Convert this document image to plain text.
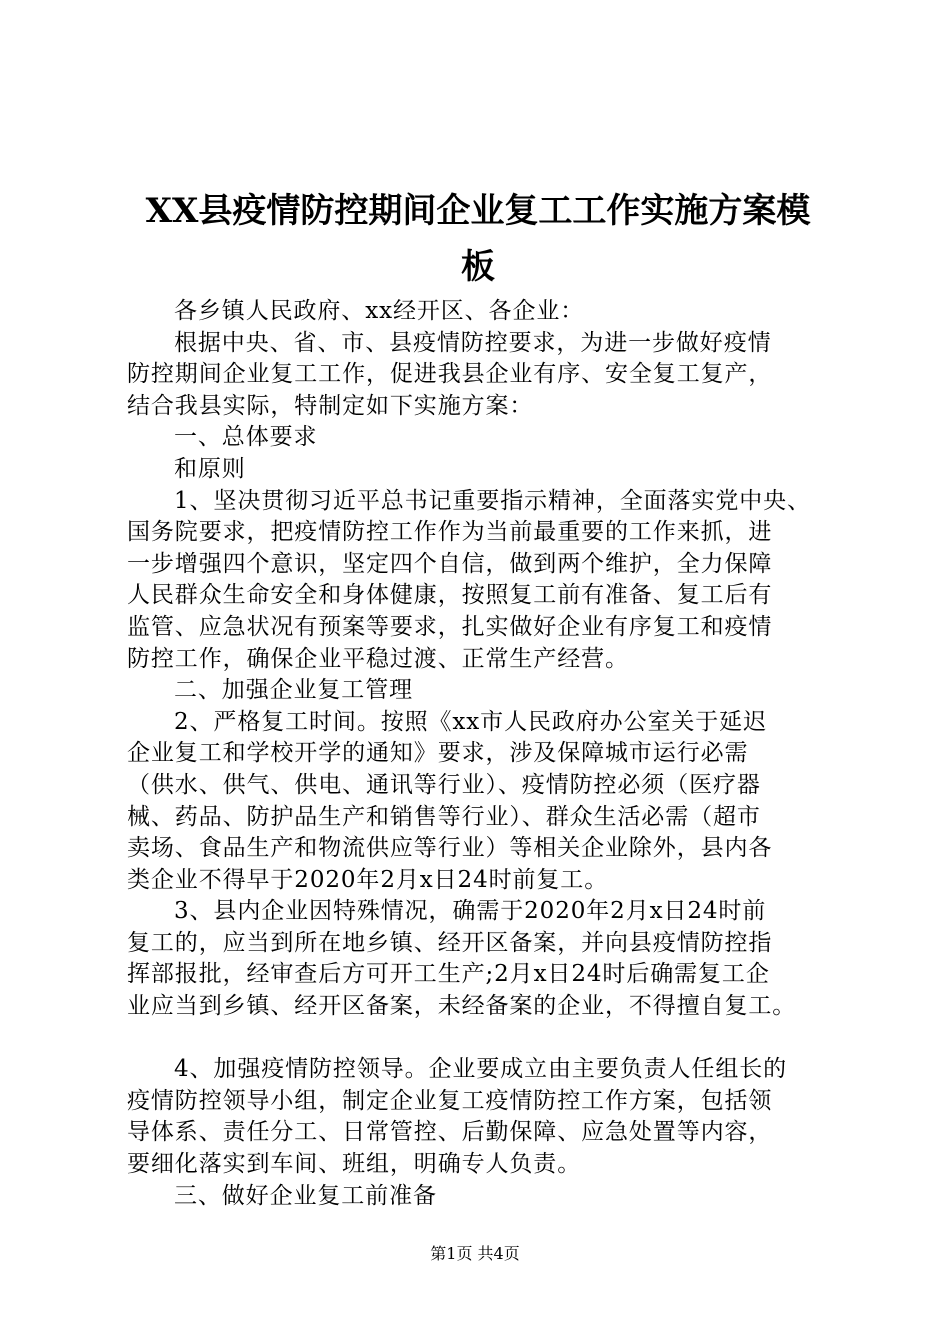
XX县疫情防控期间企业复工工作实施方案模
板
各乡镇人民政府、xx经开区、各企业：
根据中央、省、市、县疫情防控要求，为进一步做好疫情
防控期间企业复工工作，促进我县企业有序、安全复工复产，
结合我县实际，特制定如下实施方案：
一、总体要求
和原则
1、坚决贯彻习近平总书记重要指示精神，全面落实党中央、
国务院要求，把疫情防控工作作为当前最重要的工作来抓，进
一步增强四个意识，坚定四个自信，做到两个维护，全力保障
人民群众生命安全和身体健康，按照复工前有准备、复工后有
监管、应急状况有预案等要求，扎实做好企业有序复工和疫情
防控工作，确保企业平稳过渡、正常生产经营。
二、加强企业复工管理
2、严格复工时间。按照《xx市人民政府办公室关于延迟
企业复工和学校开学的通知》要求，涉及保障城市运行必需
（供水、供气、供电、通讯等行业）、疫情防控必须（医疗器
械、药品、防护品生产和销售等行业）、群众生活必需（超市
卖场、食品生产和物流供应等行业）等相关企业除外，县内各
类企业不得早于2020年2月x日24时前复工。
3、县内企业因特殊情况，确需于2020年2月x日24时前
复工的，应当到所在地乡镇、经开区备案，并向县疫情防控指
挥部报批，经审查后方可开工生产;2月x日24时后确需复工企
业应当到乡镇、经开区备案，未经备案的企业，不得擅自复工。
4、加强疫情防控领导。企业要成立由主要负责人任组长的
疫情防控领导小组，制定企业复工疫情防控工作方案，包括领
导体系、责任分工、日常管控、后勤保障、应急处置等内容，
要细化落实到车间、班组，明确专人负责。
三、做好企业复工前准备
第1页 共4页
